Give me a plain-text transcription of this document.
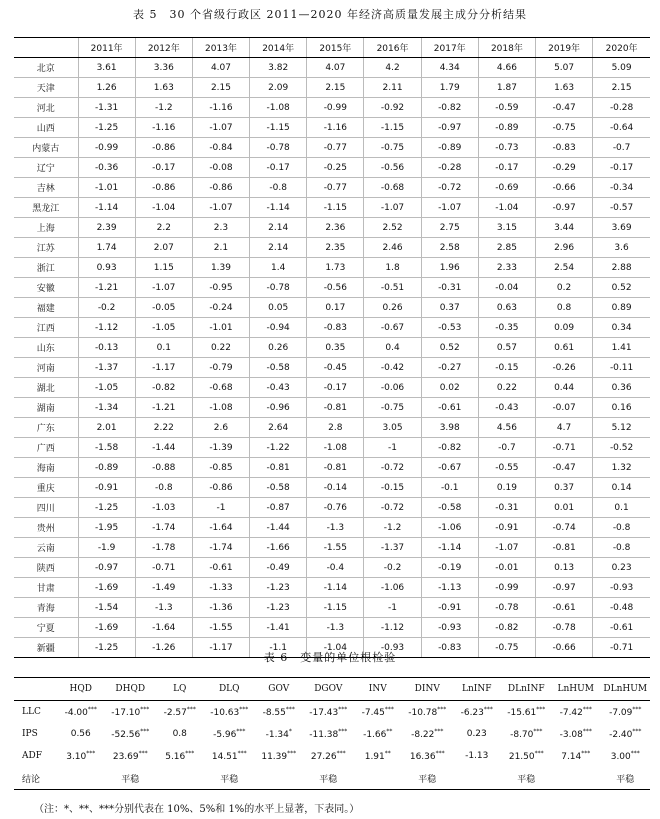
表 5　30 个省级行政区 2011—2020 年经济高质量发展主成分分析结果
	2011年	2012年	2013年	2014年	2015年	2016年	2017年	2018年	2019年	2020年
北京	3.61	3.36	4.07	3.82	4.07	4.2	4.34	4.66	5.07	5.09
天津	1.26	1.63	2.15	2.09	2.15	2.11	1.79	1.87	1.63	2.15
河北	-1.31	-1.2	-1.16	-1.08	-0.99	-0.92	-0.82	-0.59	-0.47	-0.28
山西	-1.25	-1.16	-1.07	-1.15	-1.16	-1.15	-0.97	-0.89	-0.75	-0.64
内蒙古	-0.99	-0.86	-0.84	-0.78	-0.77	-0.75	-0.89	-0.73	-0.83	-0.7
辽宁	-0.36	-0.17	-0.08	-0.17	-0.25	-0.56	-0.28	-0.17	-0.29	-0.17
吉林	-1.01	-0.86	-0.86	-0.8	-0.77	-0.68	-0.72	-0.69	-0.66	-0.34
黑龙江	-1.14	-1.04	-1.07	-1.14	-1.15	-1.07	-1.07	-1.04	-0.97	-0.57
上海	2.39	2.2	2.3	2.14	2.36	2.52	2.75	3.15	3.44	3.69
江苏	1.74	2.07	2.1	2.14	2.35	2.46	2.58	2.85	2.96	3.6
浙江	0.93	1.15	1.39	1.4	1.73	1.8	1.96	2.33	2.54	2.88
安徽	-1.21	-1.07	-0.95	-0.78	-0.56	-0.51	-0.31	-0.04	0.2	0.52
福建	-0.2	-0.05	-0.24	0.05	0.17	0.26	0.37	0.63	0.8	0.89
江西	-1.12	-1.05	-1.01	-0.94	-0.83	-0.67	-0.53	-0.35	0.09	0.34
山东	-0.13	0.1	0.22	0.26	0.35	0.4	0.52	0.57	0.61	1.41
河南	-1.37	-1.17	-0.79	-0.58	-0.45	-0.42	-0.27	-0.15	-0.26	-0.11
湖北	-1.05	-0.82	-0.68	-0.43	-0.17	-0.06	0.02	0.22	0.44	0.36
湖南	-1.34	-1.21	-1.08	-0.96	-0.81	-0.75	-0.61	-0.43	-0.07	0.16
广东	2.01	2.22	2.6	2.64	2.8	3.05	3.98	4.56	4.7	5.12
广西	-1.58	-1.44	-1.39	-1.22	-1.08	-1	-0.82	-0.7	-0.71	-0.52
海南	-0.89	-0.88	-0.85	-0.81	-0.81	-0.72	-0.67	-0.55	-0.47	1.32
重庆	-0.91	-0.8	-0.86	-0.58	-0.14	-0.15	-0.1	0.19	0.37	0.14
四川	-1.25	-1.03	-1	-0.87	-0.76	-0.72	-0.58	-0.31	0.01	0.1
贵州	-1.95	-1.74	-1.64	-1.44	-1.3	-1.2	-1.06	-0.91	-0.74	-0.8
云南	-1.9	-1.78	-1.74	-1.66	-1.55	-1.37	-1.14	-1.07	-0.81	-0.8
陕西	-0.97	-0.71	-0.61	-0.49	-0.4	-0.2	-0.19	-0.01	0.13	0.23
甘肃	-1.69	-1.49	-1.33	-1.23	-1.14	-1.06	-1.13	-0.99	-0.97	-0.93
青海	-1.54	-1.3	-1.36	-1.23	-1.15	-1	-0.91	-0.78	-0.61	-0.48
宁夏	-1.69	-1.64	-1.55	-1.41	-1.3	-1.12	-0.93	-0.82	-0.78	-0.61
新疆	-1.25	-1.26	-1.17	-1.1	-1.04	-0.93	-0.83	-0.75	-0.66	-0.71
表 6　变量的单位根检验
	HQD	DHQD	LQ	DLQ	GOV	DGOV	INV	DINV	LnINF	DLnINF	LnHUM	DLnHUM
LLC	-4.00***	-17.10***	-2.57***	-10.63***	-8.55***	-17.43***	-7.45***	-10.78***	-6.23***	-15.61***	-7.42***	-7.09***
IPS	0.56	-52.56***	0.8	-5.96***	-1.34*	-11.38***	-1.66**	-8.22***	0.23	-8.70***	-3.08***	-2.40***
ADF	3.10***	23.69***	5.16***	14.51***	11.39***	27.26***	1.91**	16.36***	-1.13	21.50***	7.14***	3.00***
结论		平稳		平稳		平稳		平稳		平稳		平稳
（注：*、**、***分别代表在 10%、5%和 1%的水平上显著，下表同。）
